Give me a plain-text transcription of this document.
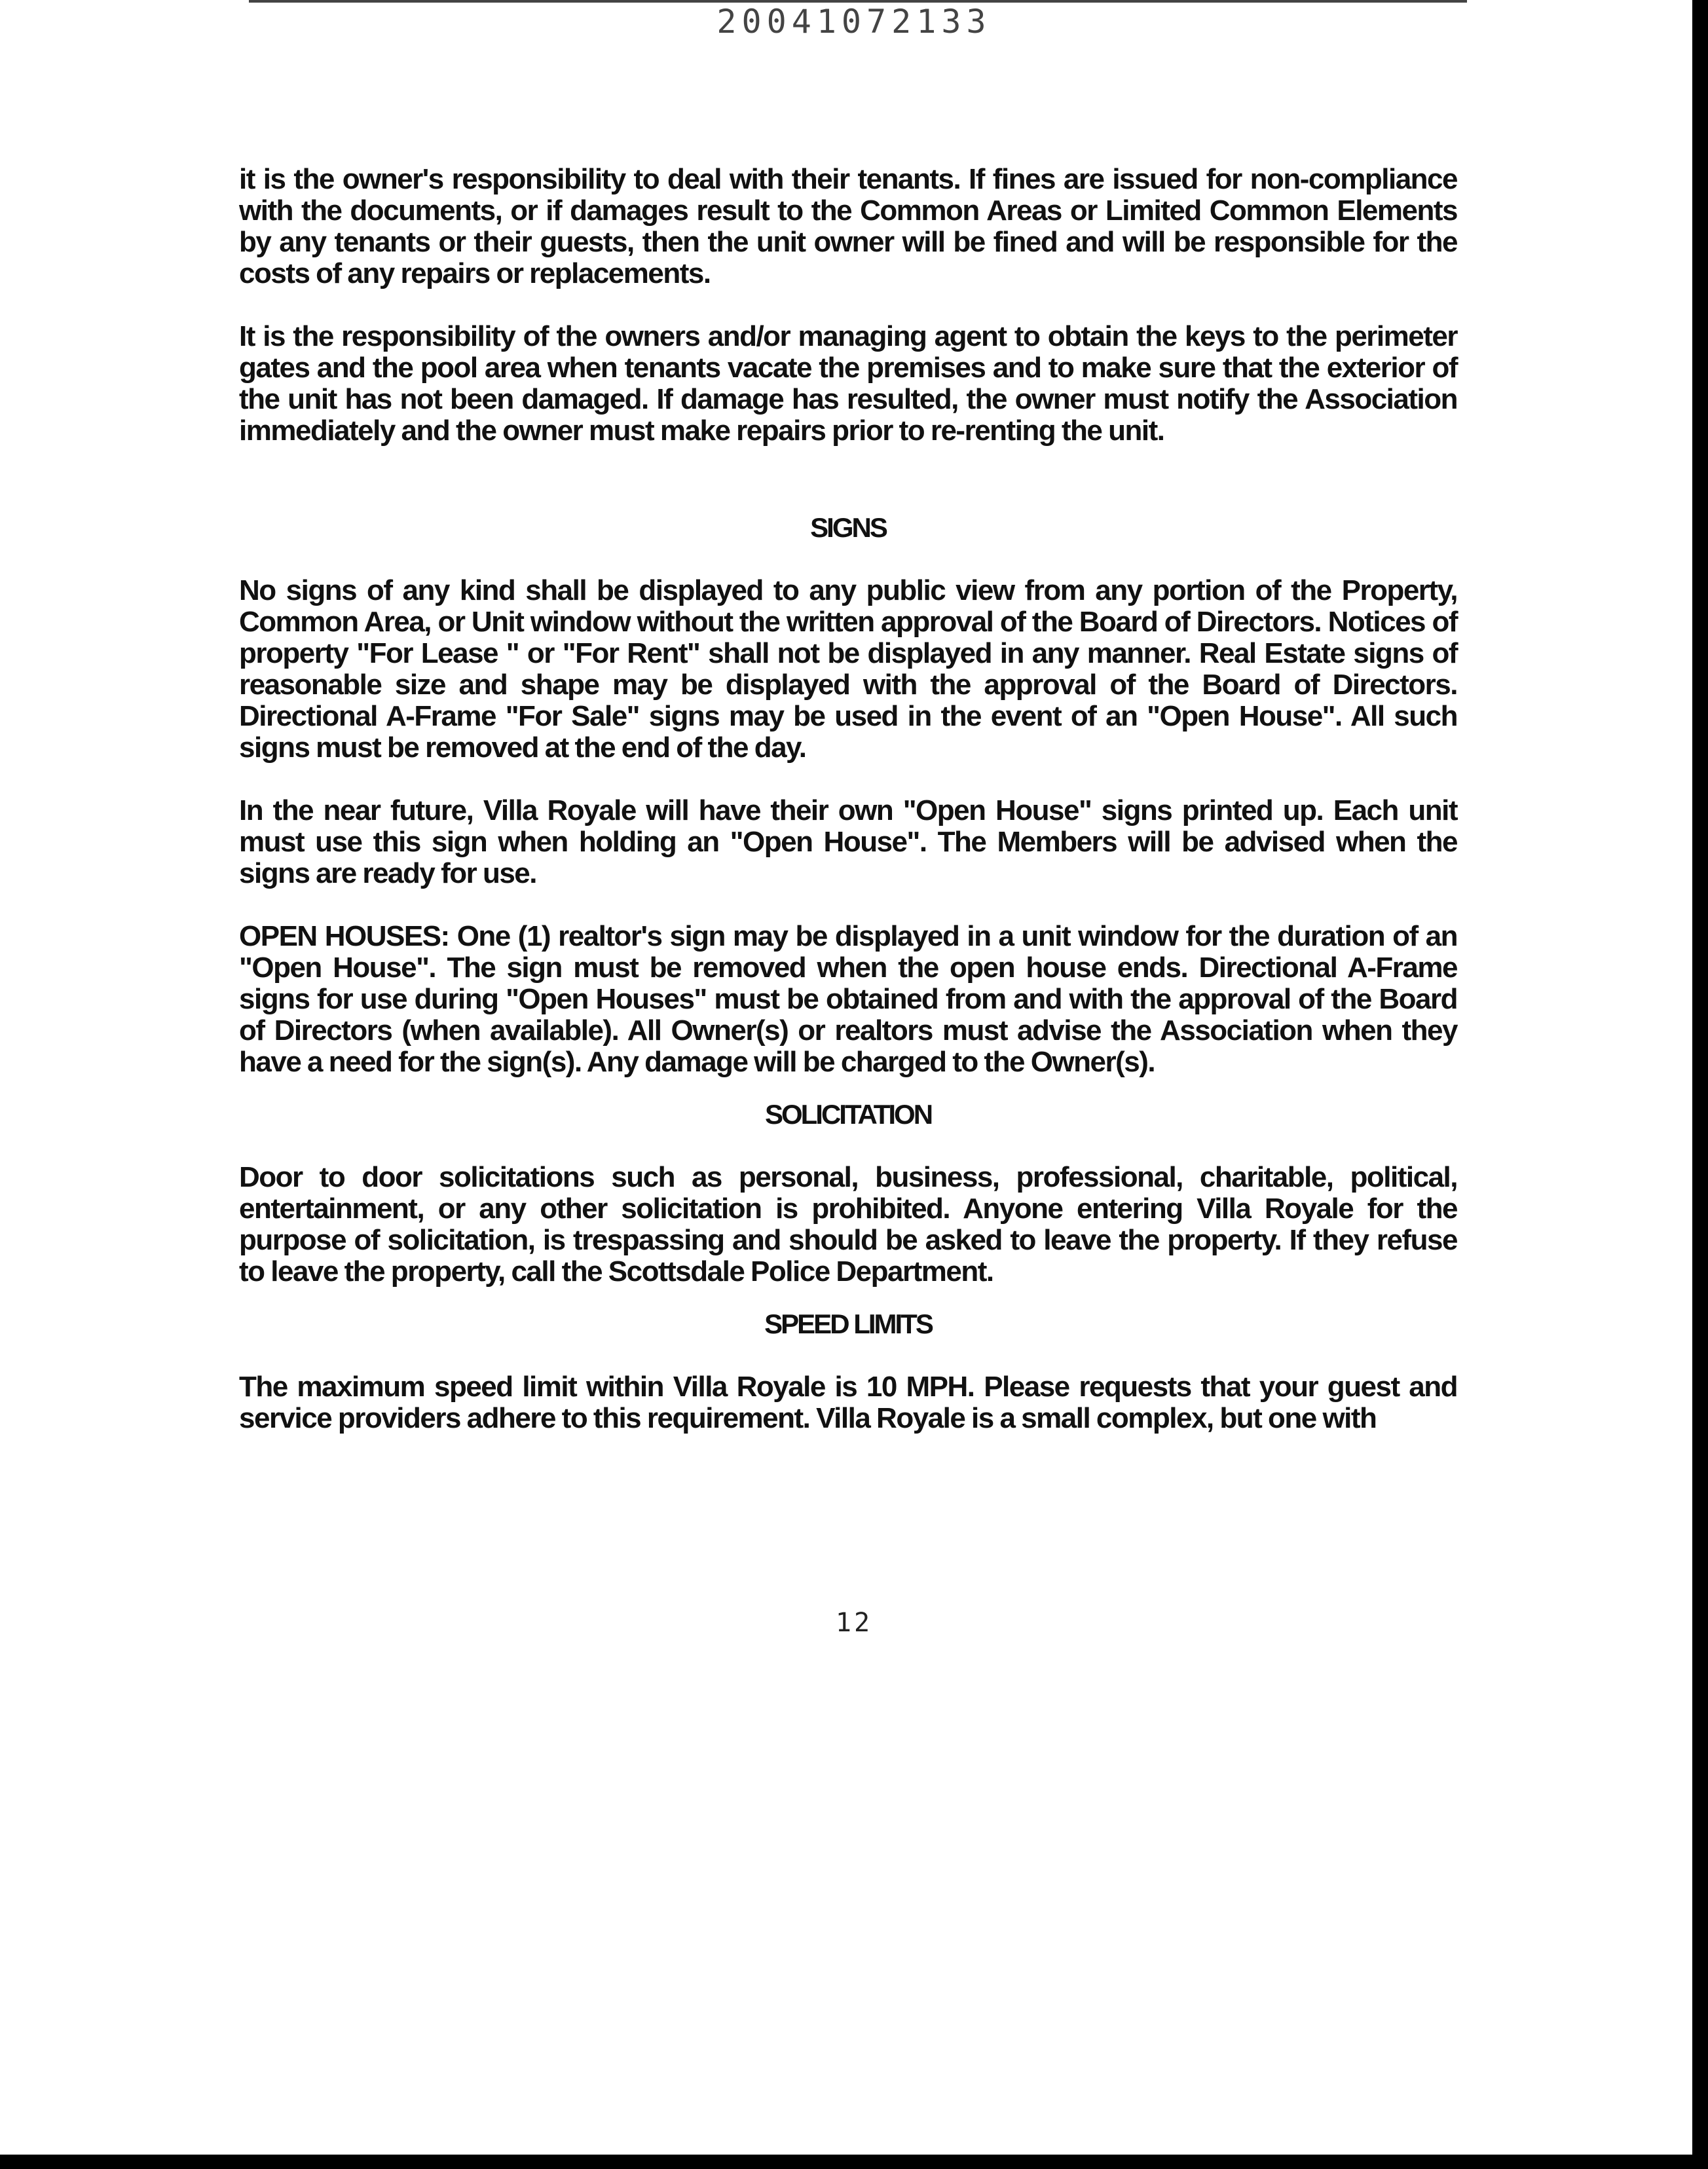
20041072133

it is the owner's responsibility to deal with their tenants. If fines are issued for non-compliance with the documents, or if damages result to the Common Areas or Limited Common Elements by any tenants or their guests, then the unit owner will be fined and will be responsible for the costs of any repairs or replacements.

It is the responsibility of the owners and/or managing agent to obtain the keys to the perimeter gates and the pool area when tenants vacate the premises and to make sure that the exterior of the unit has not been damaged. If damage has resulted, the owner must notify the Association immediately and the owner must make repairs prior to re-renting the unit.

SIGNS

No signs of any kind shall be displayed to any public view from any portion of the Property, Common Area, or Unit window without the written approval of the Board of Directors. Notices of property "For Lease " or "For Rent" shall not be displayed in any manner. Real Estate signs of reasonable size and shape may be displayed with the approval of the Board of Directors. Directional A-Frame "For Sale" signs may be used in the event of an "Open House". All such signs must be removed at the end of the day.

In the near future, Villa Royale will have their own "Open House" signs printed up. Each unit must use this sign when holding an "Open House". The Members will be advised when the signs are ready for use.

OPEN HOUSES: One (1) realtor's sign may be displayed in a unit window for the duration of an "Open House". The sign must be removed when the open house ends. Directional A-Frame signs for use during "Open Houses" must be obtained from and with the approval of the Board of Directors (when available). All Owner(s) or realtors must advise the Association when they have a need for the sign(s). Any damage will be charged to the Owner(s).

SOLICITATION

Door to door solicitations such as personal, business, professional, charitable, political, entertainment, or any other solicitation is prohibited. Anyone entering Villa Royale for the purpose of solicitation, is trespassing and should be asked to leave the property. If they refuse to leave the property, call the Scottsdale Police Department.

SPEED LIMITS

The maximum speed limit within Villa Royale is 10 MPH. Please requests that your guest and service providers adhere to this requirement. Villa Royale is a small complex, but one with

12
